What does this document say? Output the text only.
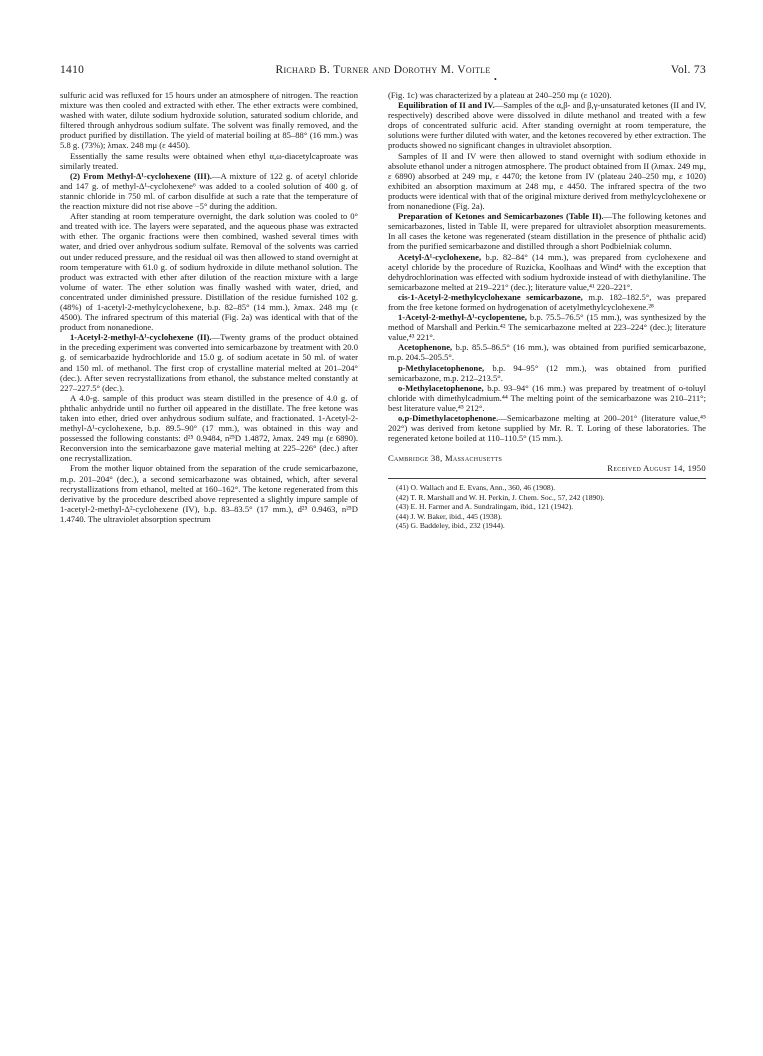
1410	Richard B. Turner and Dorothy M. Voitle	Vol. 73
•

sulfuric acid was refluxed for 15 hours under an atmosphere of nitrogen. The reaction mixture was then cooled and extracted with ether. The ether extracts were combined, washed with water, dilute sodium hydroxide solution, saturated sodium chloride, and filtered through anhydrous sodium sulfate. The solvent was finally removed, and the product purified by distillation. The yield of material boiling at 85–88° (16 mm.) was 5.8 g. (73%); λmax. 248 mμ (ε 4450).

Essentially the same results were obtained when ethyl α,ω-diacetylcaproate was similarly treated.

(2) From Methyl-Δ¹-cyclohexene (III).—A mixture of 122 g. of acetyl chloride and 147 g. of methyl-Δ¹-cyclohexene⁶ was added to a cooled solution of 400 g. of stannic chloride in 750 ml. of carbon disulfide at such a rate that the temperature of the reaction mixture did not rise above −5° during the addition.

After standing at room temperature overnight, the dark solution was cooled to 0° and treated with ice. The layers were separated, and the aqueous phase was extracted with ether. The organic fractions were then combined, washed several times with water, and dried over anhydrous sodium sulfate. Removal of the solvents was carried out under reduced pressure, and the residual oil was then allowed to stand overnight at room temperature with 61.0 g. of sodium hydroxide in dilute methanol solution. The product was extracted with ether after dilution of the reaction mixture with a large volume of water. The ether solution was finally washed with water, dried, and concentrated under diminished pressure. Distillation of the residue furnished 102 g. (48%) of 1-acetyl-2-methylcyclohexene, b.p. 82–85° (14 mm.), λmax. 248 mμ (ε 4500). The infrared spectrum of this material (Fig. 2a) was identical with that of the product from nonanedione.

1-Acetyl-2-methyl-Δ¹-cyclohexene (II).—Twenty grams of the product obtained in the preceding experiment was converted into semicarbazone by treatment with 20.0 g. of semicarbazide hydrochloride and 15.0 g. of sodium acetate in 50 ml. of water and 150 ml. of methanol. The first crop of crystalline material melted at 201–204° (dec.). After seven recrystallizations from ethanol, the substance melted constantly at 227–227.5° (dec.).

A 4.0-g. sample of this product was steam distilled in the presence of 4.0 g. of phthalic anhydride until no further oil appeared in the distillate. The free ketone was taken into ether, dried over anhydrous sodium sulfate, and fractionated. 1-Acetyl-2-methyl-Δ¹-cyclohexene, b.p. 89.5–90° (17 mm.), was obtained in this way and possessed the following constants: d²⁵ 0.9484, n²⁵D 1.4872, λmax. 249 mμ (ε 6890). Reconversion into the semicarbazone gave material melting at 225–226° (dec.) after one recrystallization.

From the mother liquor obtained from the separation of the crude semicarbazone, m.p. 201–204° (dec.), a second semicarbazone was obtained, which, after several recrystallizations from ethanol, melted at 160–162°. The ketone regenerated from this derivative by the procedure described above represented a slightly impure sample of 1-acetyl-2-methyl-Δ²-cyclohexene (IV), b.p. 83–83.5° (17 mm.), d²⁵ 0.9463, n²⁵D 1.4740. The ultraviolet absorption spectrum

(Fig. 1c) was characterized by a plateau at 240–250 mμ (ε 1020).

Equilibration of II and IV.—Samples of the α,β- and β,γ-unsaturated ketones (II and IV, respectively) described above were dissolved in dilute methanol and treated with a few drops of concentrated sulfuric acid. After standing overnight at room temperature, the solutions were further diluted with water, and the ketones recovered by ether extraction. The products showed no significant changes in ultraviolet absorption.

Samples of II and IV were then allowed to stand overnight with sodium ethoxide in absolute ethanol under a nitrogen atmosphere. The product obtained from II (λmax. 249 mμ, ε 6890) absorbed at 249 mμ, ε 4470; the ketone from IV (plateau 240–250 mμ, ε 1020) exhibited an absorption maximum at 248 mμ, ε 4450. The infrared spectra of the two products were identical with that of the original mixture derived from methylcyclohexene or from nonanedione (Fig. 2a).

Preparation of Ketones and Semicarbazones (Table II).—The following ketones and semicarbazones, listed in Table II, were prepared for ultraviolet absorption measurements. In all cases the ketone was regenerated (steam distillation in the presence of phthalic acid) from the purified semicarbazone and distilled through a short Podbielniak column.

Acetyl-Δ¹-cyclohexene, b.p. 82–84° (14 mm.), was prepared from cyclohexene and acetyl chloride by the procedure of Ruzicka, Koolhaas and Wind⁴ with the exception that dehydrochlorination was effected with sodium hydroxide instead of with diethylaniline. The semicarbazone melted at 219–221° (dec.); literature value,⁴¹ 220–221°.

cis-1-Acetyl-2-methylcyclohexane semicarbazone, m.p. 182–182.5°, was prepared from the free ketone formed on hydrogenation of acetylmethylcyclohexene.²⁸

1-Acetyl-2-methyl-Δ¹-cyclopentene, b.p. 75.5–76.5° (15 mm.), was synthesized by the method of Marshall and Perkin.⁴² The semicarbazone melted at 223–224° (dec.); literature value,⁴³ 221°.

Acetophenone, b.p. 85.5–86.5° (16 mm.), was obtained from purified semicarbazone, m.p. 204.5–205.5°.

p-Methylacetophenone, b.p. 94–95° (12 mm.), was obtained from purified semicarbazone, m.p. 212–213.5°.

o-Methylacetophenone, b.p. 93–94° (16 mm.) was prepared by treatment of o-toluyl chloride with dimethylcadmium.⁴⁴ The melting point of the semicarbazone was 210–211°; best literature value,⁴⁵ 212°.

o,p-Dimethylacetophenone.—Semicarbazone melting at 200–201° (literature value,⁴⁵ 202°) was derived from ketone supplied by Mr. R. T. Loring of these laboratories. The regenerated ketone boiled at 110–110.5° (15 mm.).

Cambridge 38, Massachusetts
Received August 14, 1950
(41) O. Wallach and E. Evans, Ann., 360, 46 (1908).
(42) T. R. Marshall and W. H. Perkin, J. Chem. Soc., 57, 242 (1890).
(43) E. H. Farmer and A. Sundralingam, ibid., 121 (1942).
(44) J. W. Baker, ibid., 445 (1938).
(45) G. Baddeley, ibid., 232 (1944).
